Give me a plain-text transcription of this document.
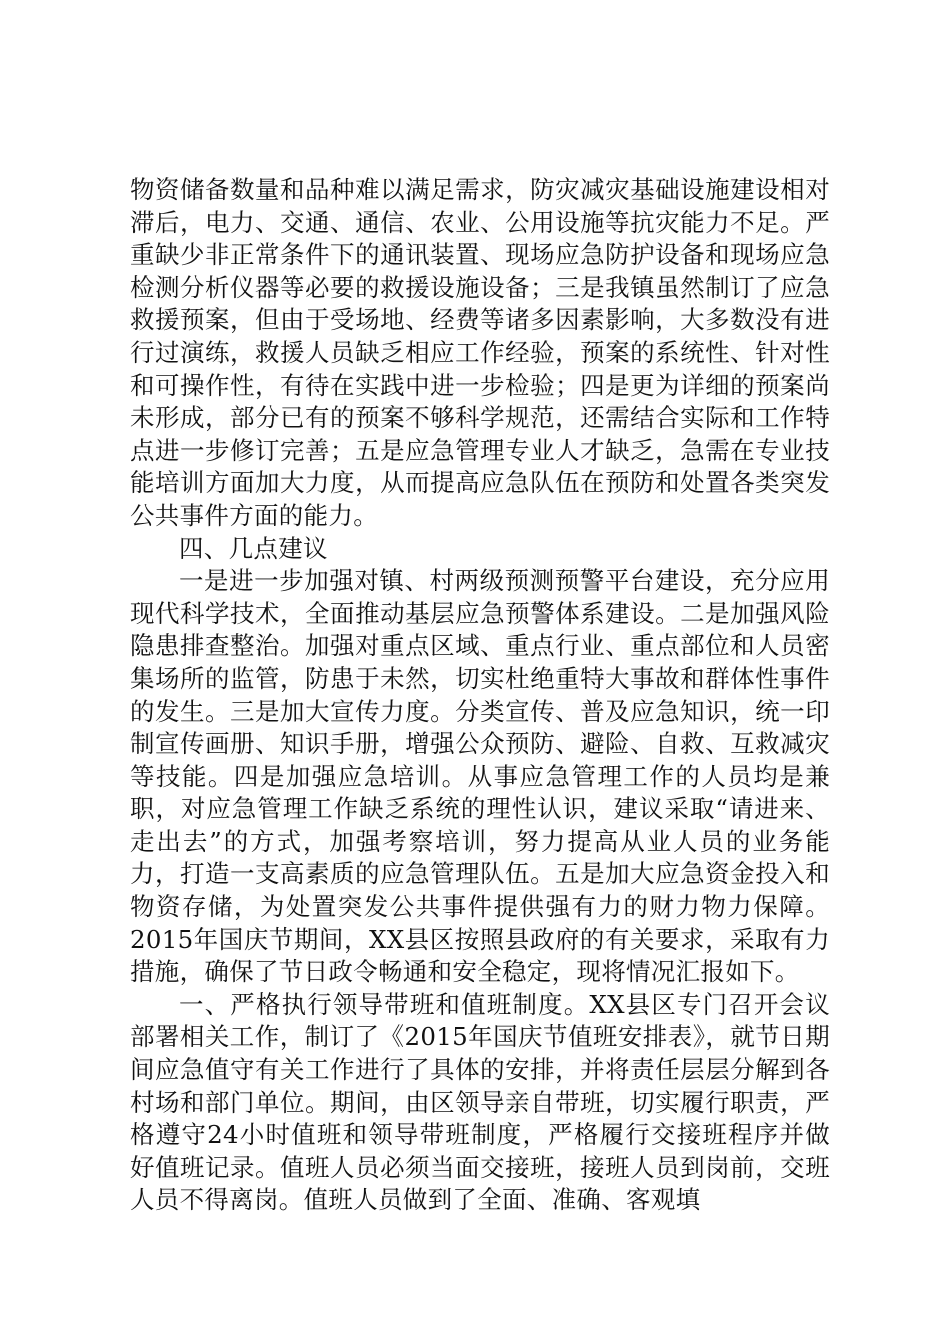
物资储备数量和品种难以满足需求，防灾减灾基础设施建设相对滞后，电力、交通、通信、农业、公用设施等抗灾能力不足。严重缺少非正常条件下的通讯装置、现场应急防护设备和现场应急检测分析仪器等必要的救援设施设备；三是我镇虽然制订了应急救援预案，但由于受场地、经费等诸多因素影响，大多数没有进行过演练，救援人员缺乏相应工作经验，预案的系统性、针对性和可操作性，有待在实践中进一步检验；四是更为详细的预案尚未形成，部分已有的预案不够科学规范，还需结合实际和工作特点进一步修订完善；五是应急管理专业人才缺乏，急需在专业技能培训方面加大力度，从而提高应急队伍在预防和处置各类突发公共事件方面的能力。

四、几点建议

一是进一步加强对镇、村两级预测预警平台建设，充分应用现代科学技术，全面推动基层应急预警体系建设。二是加强风险隐患排查整治。加强对重点区域、重点行业、重点部位和人员密集场所的监管，防患于未然，切实杜绝重特大事故和群体性事件的发生。三是加大宣传力度。分类宣传、普及应急知识，统一印制宣传画册、知识手册，增强公众预防、避险、自救、互救减灾等技能。四是加强应急培训。从事应急管理工作的人员均是兼职，对应急管理工作缺乏系统的理性认识，建议采取“请进来、走出去”的方式，加强考察培训，努力提高从业人员的业务能力，打造一支高素质的应急管理队伍。五是加大应急资金投入和物资存储，为处置突发公共事件提供强有力的财力物力保障。2015年国庆节期间，XX县区按照县政府的有关要求，采取有力措施，确保了节日政令畅通和安全稳定，现将情况汇报如下。

一、严格执行领导带班和值班制度。XX县区专门召开会议部署相关工作，制订了《2015年国庆节值班安排表》，就节日期间应急值守有关工作进行了具体的安排，并将责任层层分解到各村场和部门单位。期间，由区领导亲自带班，切实履行职责，严格遵守24小时值班和领导带班制度，严格履行交接班程序并做好值班记录。值班人员必须当面交接班，接班人员到岗前，交班人员不得离岗。值班人员做到了全面、准确、客观填
